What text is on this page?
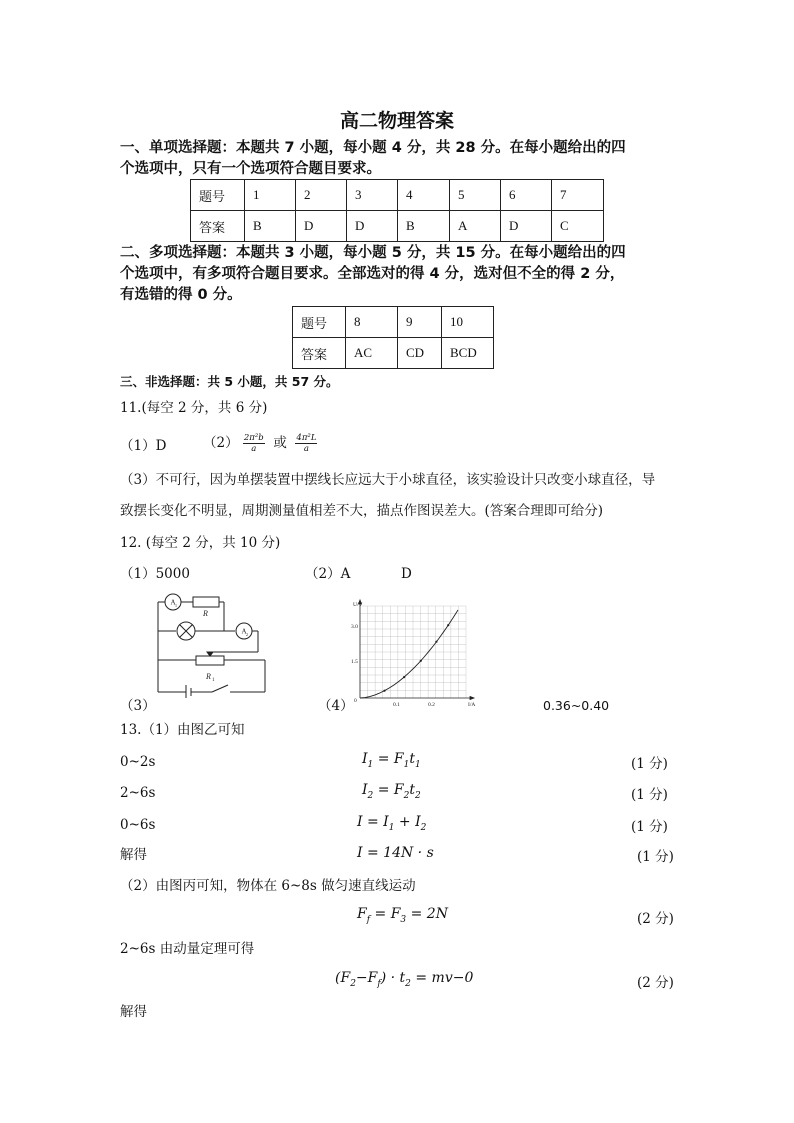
高二物理答案
一、单项选择题：本题共 7 小题，每小题 4 分，共 28 分。在每小题给出的四
个选项中，只有一个选项符合题目要求。
题号	1	2	3	4	5	6	7
答案	B	D	D	B	A	D	C
二、多项选择题：本题共 3 小题，每小题 5 分，共 15 分。在每小题给出的四
个选项中，有多项符合题目要求。全部选对的得 4 分，选对但不全的得 2 分，
有选错的得 0 分。
题号	8	9	10
答案	AC	CD	BCD
三、非选择题：共 5 小题，共 57 分。
11.(每空 2 分，共 6 分)
（1）D	$(2) \frac{\text{2π²b}}{a}$ 或 $\frac{\text{4π²L}}{a}$
（3）不可行，因为单摆装置中摆线长应远大于小球直径，该实验设计只改变小球直径，导
致摆长变化不明显，周期测量值相差不大，描点作图误差大。(答案合理即可给分)
12. (每空 2 分，共 10 分)
（1）5000	（2）A	D
A 1
A 2
R
R 1
（3）
U/V
I/A
3.0
1.5
0.1	0.2
0
（4）	0.36~0.40
13.（1）由图乙可知
0~2s	$I_1 = F_1t_1$	(1 分)
2~6s	$I_2 = F_2t_2$	(1 分)
0~6s	$I = I_1 + I_2$	(1 分)
解得	I = 14N · s	(1 分)
（2）由图丙可知，物体在 6~8s 做匀速直线运动
$F_f = F_3 = 2N$	(2 分)
2~6s 由动量定理可得
$(F_2-F_f) \cdot t_2 = mv-0$	(2 分)
解得
